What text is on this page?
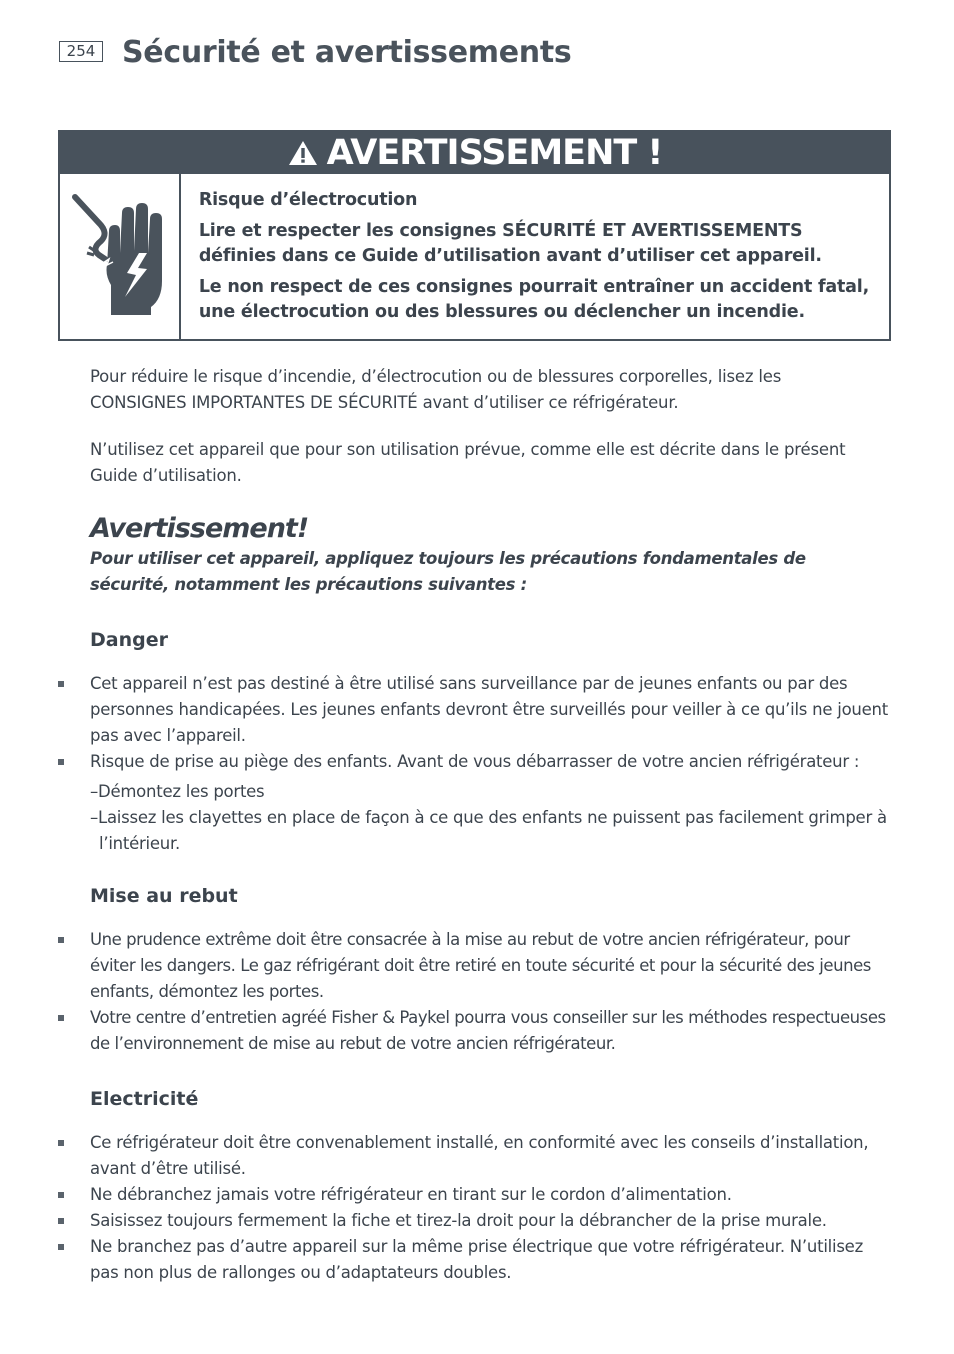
254 Sécurité et avertissements
AVERTISSEMENT !

Risque d’électrocution

Lire et respecter les consignes SÉCURITÉ ET AVERTISSEMENTS définies dans ce Guide d’utilisation avant d’utiliser cet appareil.

Le non respect de ces consignes pourrait entraîner un accident fatal, une électrocution ou des blessures ou déclencher un incendie.

Pour réduire le risque d’incendie, d’électrocution ou de blessures corporelles, lisez les CONSIGNES IMPORTANTES DE SÉCURITÉ avant d’utiliser ce réfrigérateur.

N’utilisez cet appareil que pour son utilisation prévue, comme elle est décrite dans le présent Guide d’utilisation.

Avertissement!

Pour utiliser cet appareil, appliquez toujours les précautions fondamentales de sécurité, notamment les précautions suivantes :

Danger
Cet appareil n’est pas destiné à être utilisé sans surveillance par de jeunes enfants ou par des personnes handicapées. Les jeunes enfants devront être surveillés pour veiller à ce qu’ils ne jouent pas avec l’appareil.
Risque de prise au piège des enfants. Avant de vous débarrasser de votre ancien réfrigérateur :

–Démontez les portes

–Laissez les clayettes en place de façon à ce que des enfants ne puissent pas facilement grimper à l’intérieur.

Mise au rebut
Une prudence extrême doit être consacrée à la mise au rebut de votre ancien réfrigérateur, pour éviter les dangers. Le gaz réfrigérant doit être retiré en toute sécurité et pour la sécurité des jeunes enfants, démontez les portes.
Votre centre d’entretien agréé Fisher & Paykel pourra vous conseiller sur les méthodes respectueuses de l’environnement de mise au rebut de votre ancien réfrigérateur.
Electricité
Ce réfrigérateur doit être convenablement installé, en conformité avec les conseils d’installation, avant d’être utilisé.
Ne débranchez jamais votre réfrigérateur en tirant sur le cordon d’alimentation.
Saisissez toujours fermement la fiche et tirez-la droit pour la débrancher de la prise murale.
Ne branchez pas d’autre appareil sur la même prise électrique que votre réfrigérateur. N’utilisez pas non plus de rallonges ou d’adaptateurs doubles.
